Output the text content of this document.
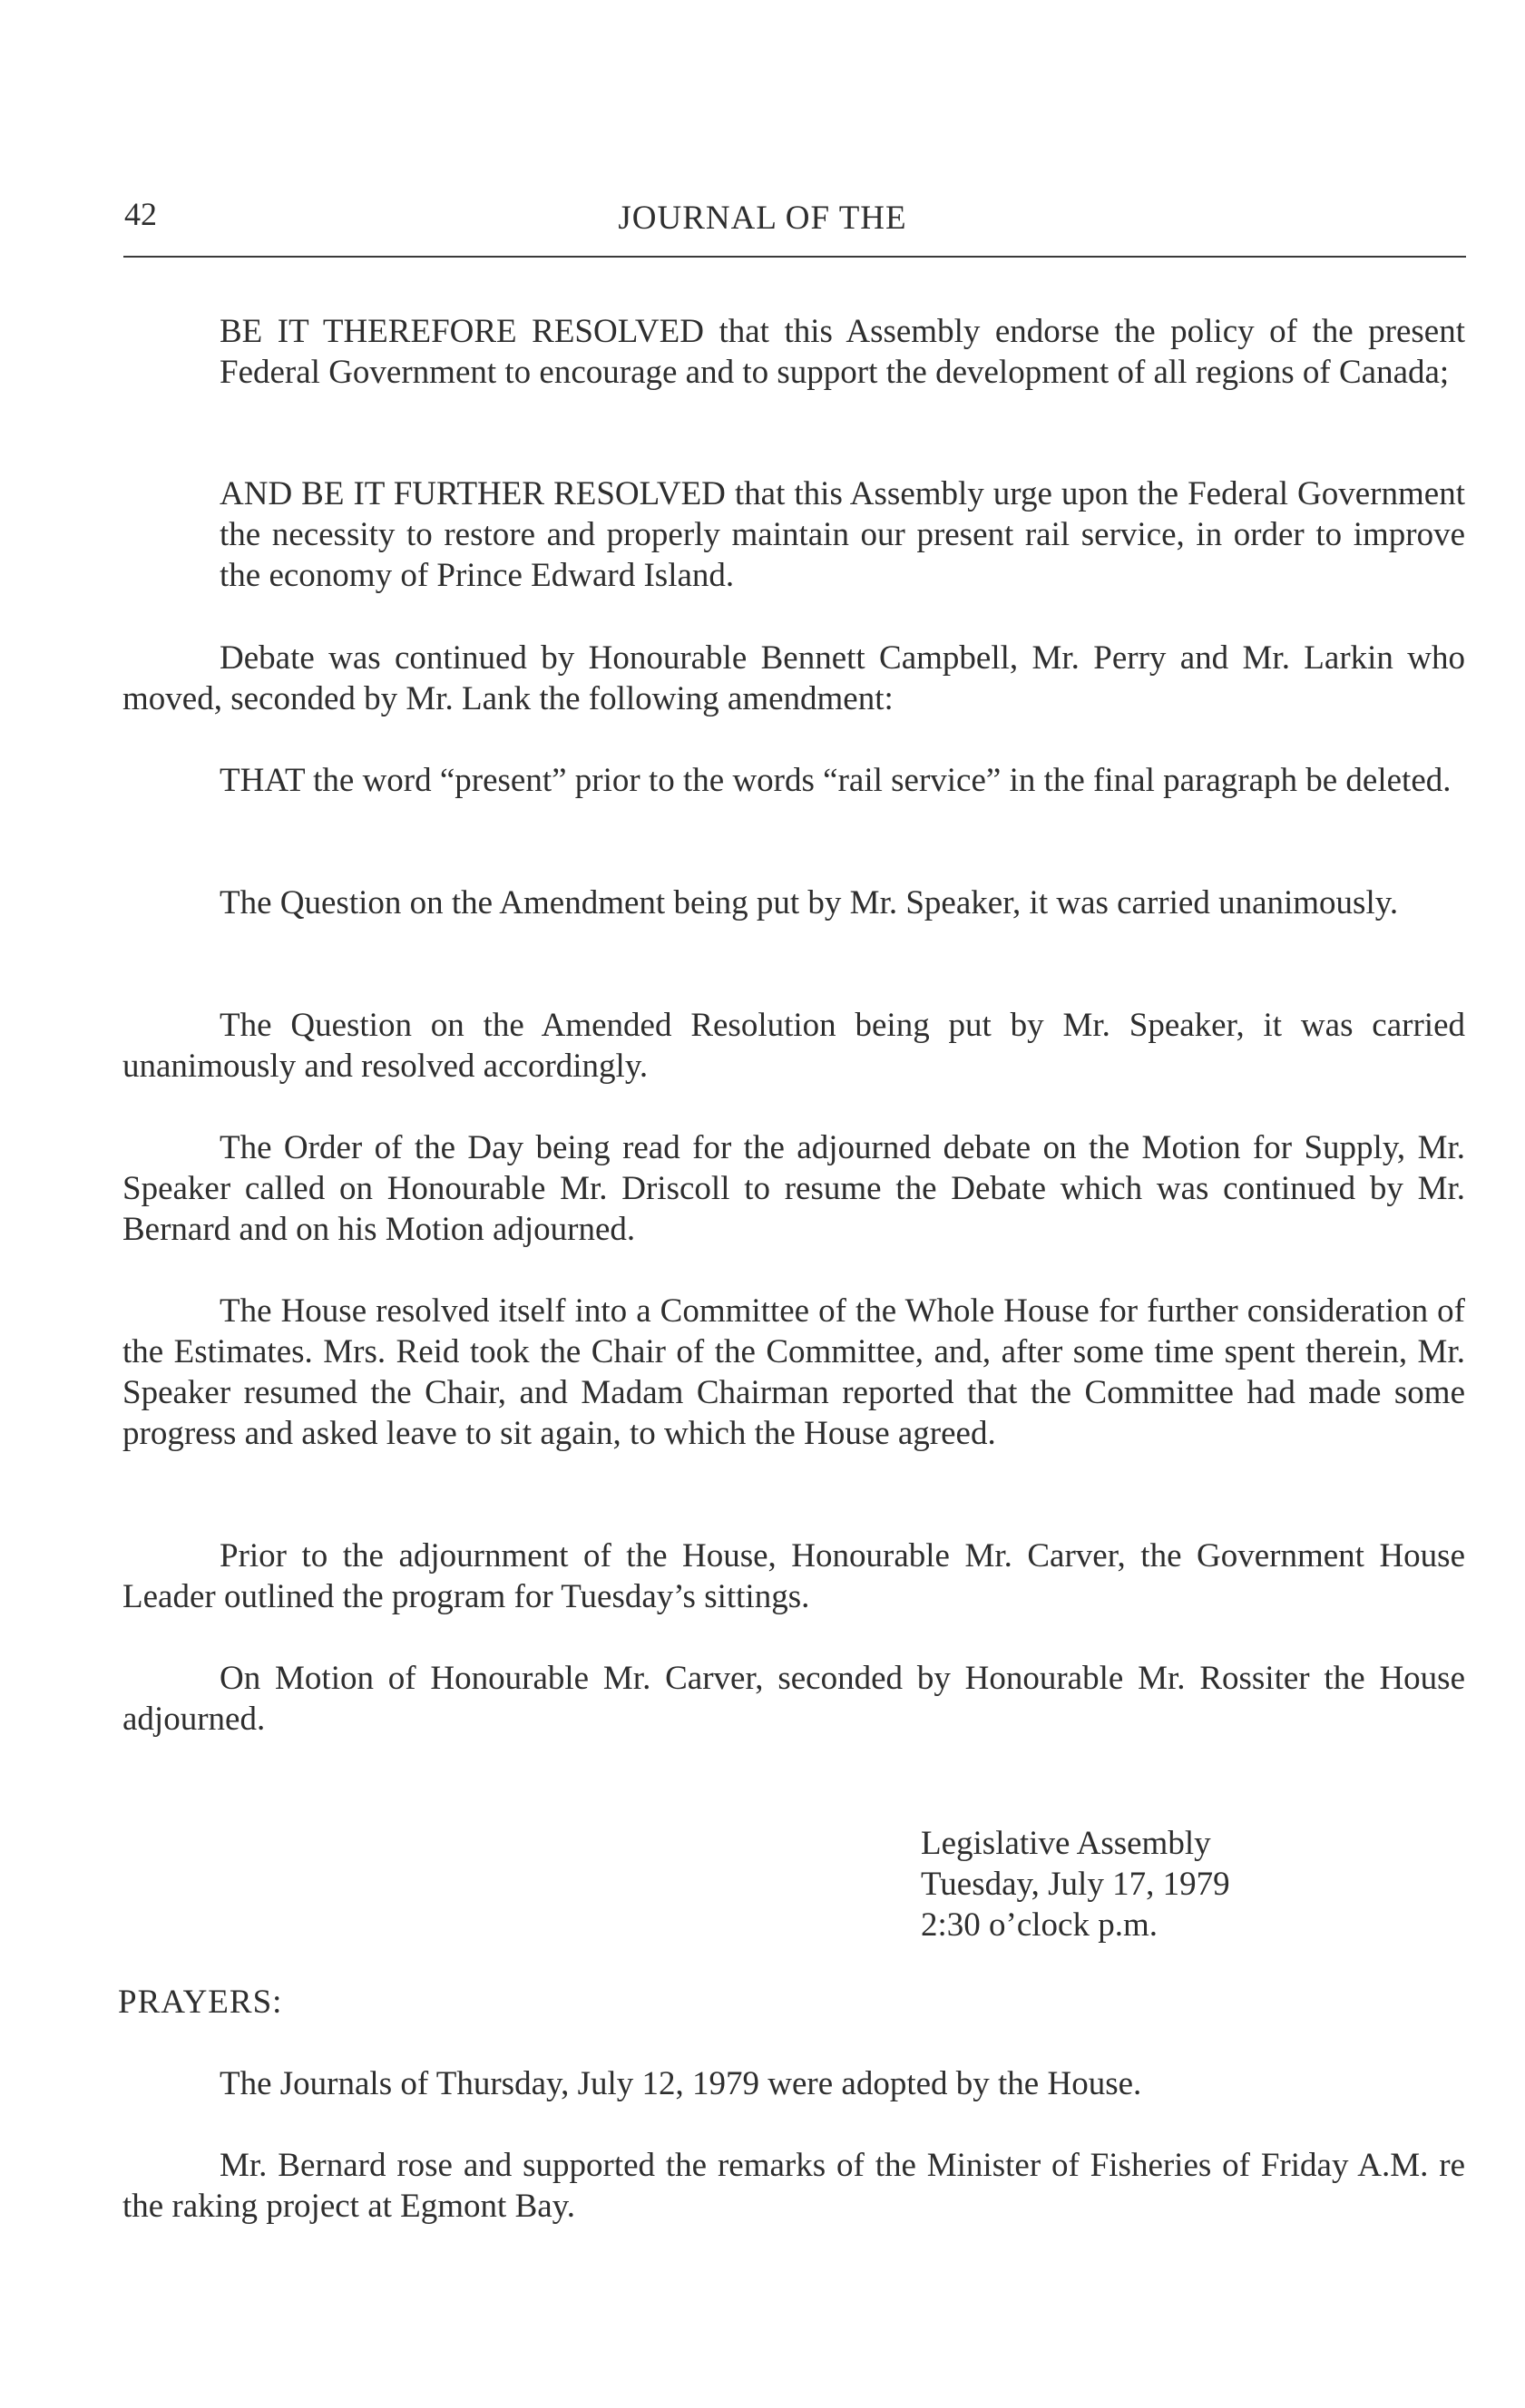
42	JOURNAL OF THE

BE IT THEREFORE RESOLVED that this Assembly endorse the policy of the present Federal Government to encourage and to support the development of all regions of Canada;

AND BE IT FURTHER RESOLVED that this Assembly urge upon the Federal Government the necessity to restore and properly maintain our present rail service, in order to improve the economy of Prince Edward Island.

Debate was continued by Honourable Bennett Campbell, Mr. Perry and Mr. Larkin who moved, seconded by Mr. Lank the following amendment:

THAT the word “present” prior to the words “rail service” in the final paragraph be deleted.

The Question on the Amendment being put by Mr. Speaker, it was carried unanimously.

The Question on the Amended Resolution being put by Mr. Speaker, it was carried unanimously and resolved accordingly.

The Order of the Day being read for the adjourned debate on the Motion for Supply, Mr. Speaker called on Honourable Mr. Driscoll to resume the Debate which was continued by Mr. Bernard and on his Motion adjourned.

The House resolved itself into a Committee of the Whole House for further consideration of the Estimates. Mrs. Reid took the Chair of the Committee, and, after some time spent therein, Mr. Speaker resumed the Chair, and Madam Chairman reported that the Committee had made some progress and asked leave to sit again, to which the House agreed.

Prior to the adjournment of the House, Honourable Mr. Carver, the Government House Leader outlined the program for Tuesday’s sittings.

On Motion of Honourable Mr. Carver, seconded by Honourable Mr. Rossiter the House adjourned.

Legislative Assembly
Tuesday, July 17, 1979
2:30 o’clock p.m.

PRAYERS:

The Journals of Thursday, July 12, 1979 were adopted by the House.

Mr. Bernard rose and supported the remarks of the Minister of Fisheries of Friday A.M. re the raking project at Egmont Bay.
